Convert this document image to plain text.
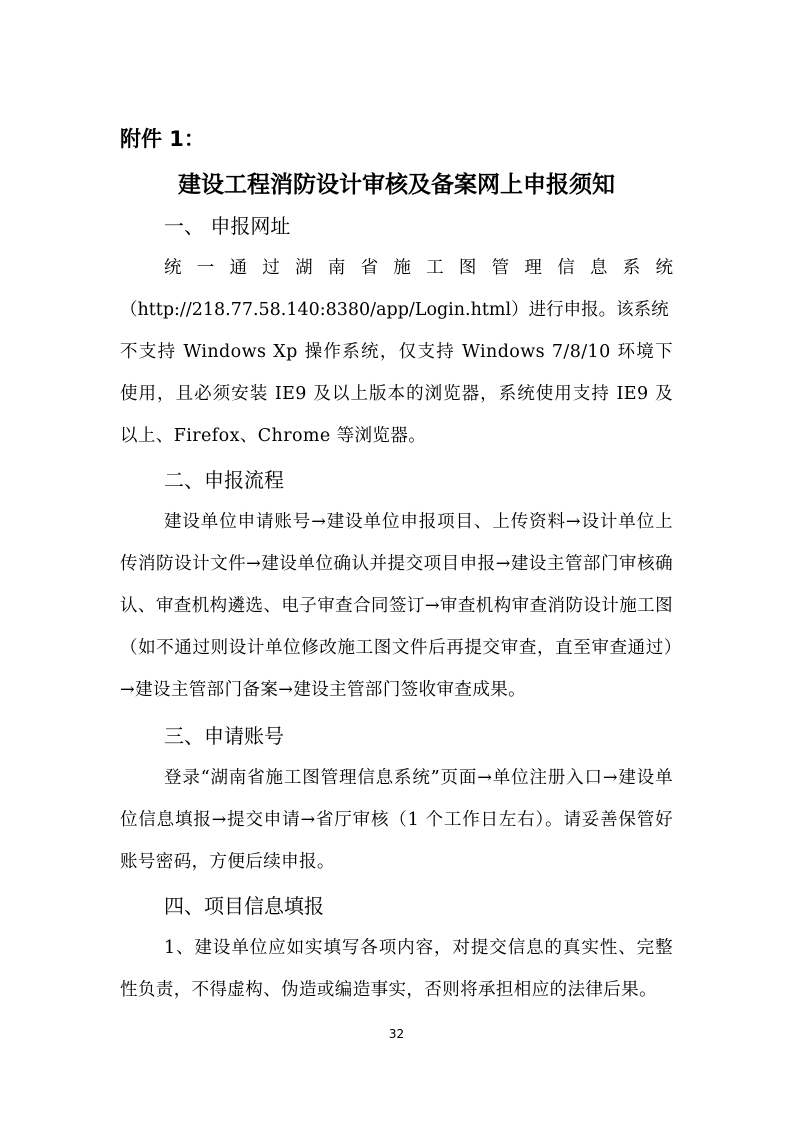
附件 1：
建设工程消防设计审核及备案网上申报须知
一、 申报网址
统 一 通 过 湖 南 省 施 工 图 管 理 信 息 系 统
（http://218.77.58.140:8380/app/Login.html）进行申报。该系统
不支持 Windows Xp 操作系统，仅支持 Windows 7/8/10 环境下使用，且必须安装 IE9 及以上版本的浏览器，系统使用支持 IE9 及以上、Firefox、Chrome 等浏览器。
二、申报流程
建设单位申请账号→建设单位申报项目、上传资料→设计单位上传消防设计文件→建设单位确认并提交项目申报→建设主管部门审核确认、审查机构遴选、电子审查合同签订→审查机构审查消防设计施工图（如不通过则设计单位修改施工图文件后再提交审查，直至审查通过）→建设主管部门备案→建设主管部门签收审查成果。
三、申请账号
登录“湖南省施工图管理信息系统”页面→单位注册入口→建设单位信息填报→提交申请→省厅审核（1 个工作日左右）。请妥善保管好账号密码，方便后续申报。
四、项目信息填报
1、建设单位应如实填写各项内容，对提交信息的真实性、完整性负责，不得虚构、伪造或编造事实，否则将承担相应的法律后果。
32
